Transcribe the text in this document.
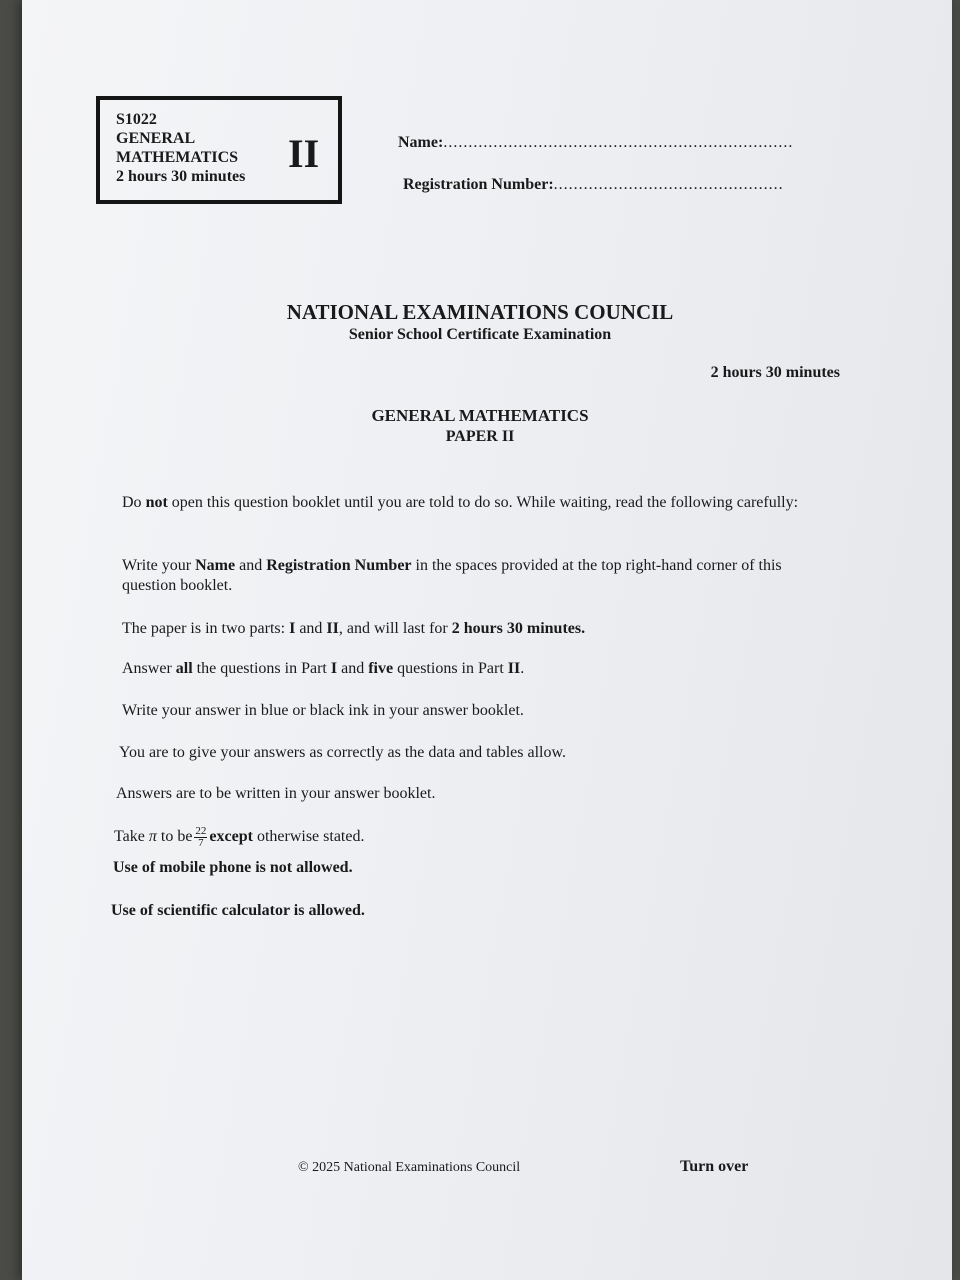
S1022
GENERAL
MATHEMATICS
2 hours 30 minutes
II	Name:......................................................................
Registration Number:..............................................
NATIONAL EXAMINATIONS COUNCIL
Senior School Certificate Examination
2 hours 30 minutes
GENERAL MATHEMATICS
PAPER II
Do not open this question booklet until you are told to do so. While waiting, read the following carefully:
Write your Name and Registration Number in the spaces provided at the top right-hand corner of this question booklet.
The paper is in two parts: I and II, and will last for 2 hours 30 minutes.
Answer all the questions in Part I and five questions in Part II.
Write your answer in blue or black ink in your answer booklet.
You are to give your answers as correctly as the data and tables allow.
Answers are to be written in your answer booklet.
Take π to be $\frac{22}{7}$ except otherwise stated.
Use of mobile phone is not allowed.
Use of scientific calculator is allowed.
© 2025 National Examinations Council	Turn over
